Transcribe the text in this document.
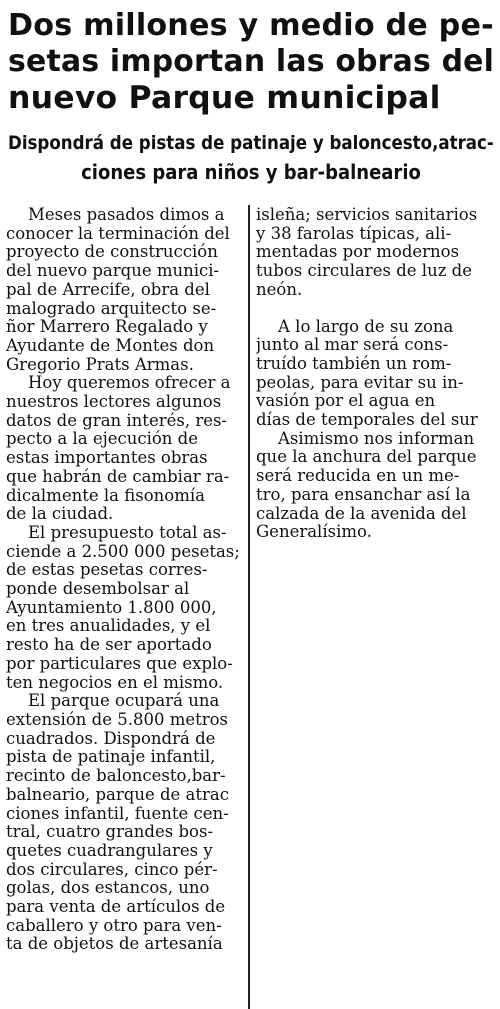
Dos millones y medio de pe-
setas importan las obras del
nuevo Parque municipal
Dispondrá de pistas de patinaje y baloncesto,atrac-
ciones para niños y bar-balneario

Meses pasados dimos a
conocer la terminación del
proyecto de construcción
del nuevo parque munici-
pal de Arrecife, obra del
malogrado arquitecto se-
ñor Marrero Regalado y
Ayudante de Montes don
Gregorio Prats Armas.

Hoy queremos ofrecer a
nuestros lectores algunos
datos de gran interés, res-
pecto a la ejecución de
estas importantes obras
que habrán de cambiar ra-
dicalmente la fisonomía
de la ciudad.

El presupuesto total as-
ciende a 2.500 000 pesetas;
de estas pesetas corres-
ponde desembolsar al
Ayuntamiento 1.800 000,
en tres anualidades, y el
resto ha de ser aportado
por particulares que explo-
ten negocios en el mismo.

El parque ocupará una
extensión de 5.800 metros
cuadrados. Dispondrá de
pista de patinaje infantil,
recinto de baloncesto,bar-
balneario, parque de atrac
ciones infantil, fuente cen-
tral, cuatro grandes bos-
quetes cuadrangulares y
dos circulares, cinco pér-
golas, dos estancos, uno
para venta de artículos de
caballero y otro para ven-
ta de objetos de artesanía

isleña; servicios sanitarios
y 38 farolas típicas, ali-
mentadas por modernos
tubos circulares de luz de
neón.

A lo largo de su zona
junto al mar será cons-
truído también un rom-
peolas, para evitar su in-
vasión por el agua en
días de temporales del sur

Asimismo nos informan
que la anchura del parque
será reducida en un me-
tro, para ensanchar así la
calzada de la avenida del
Generalísimo.
